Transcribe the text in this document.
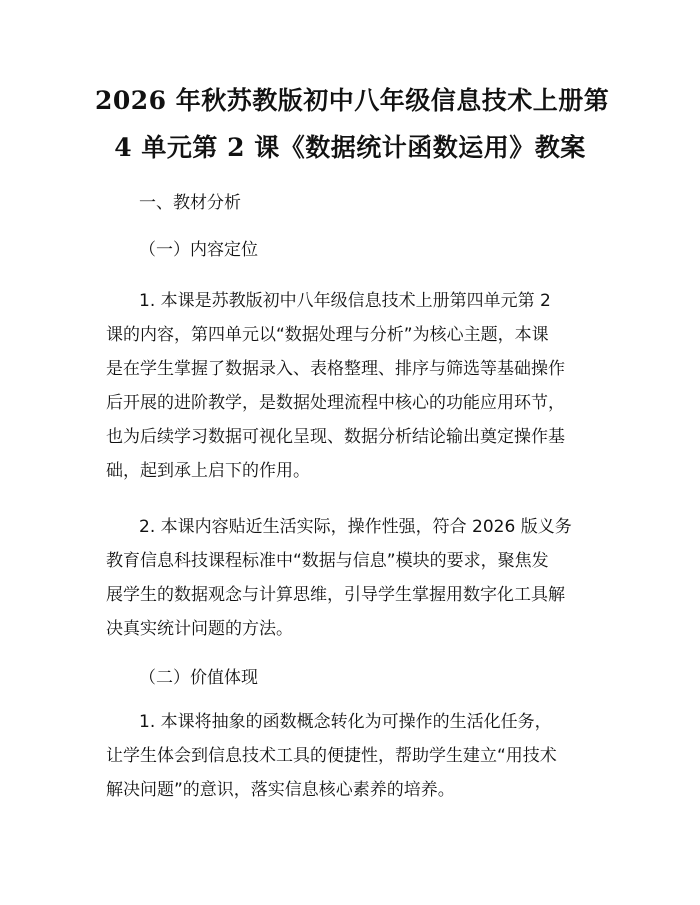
2026 年秋苏教版初中八年级信息技术上册第
4 单元第 2 课《数据统计函数运用》教案
一、教材分析
（一）内容定位
1. 本课是苏教版初中八年级信息技术上册第四单元第 2
课的内容，第四单元以“数据处理与分析”为核心主题，本课
是在学生掌握了数据录入、表格整理、排序与筛选等基础操作
后开展的进阶教学，是数据处理流程中核心的功能应用环节，
也为后续学习数据可视化呈现、数据分析结论输出奠定操作基
础，起到承上启下的作用。
2. 本课内容贴近生活实际，操作性强，符合 2026 版义务
教育信息科技课程标准中“数据与信息”模块的要求，聚焦发
展学生的数据观念与计算思维，引导学生掌握用数字化工具解
决真实统计问题的方法。
（二）价值体现
1. 本课将抽象的函数概念转化为可操作的生活化任务，
让学生体会到信息技术工具的便捷性，帮助学生建立“用技术
解决问题”的意识，落实信息核心素养的培养。
